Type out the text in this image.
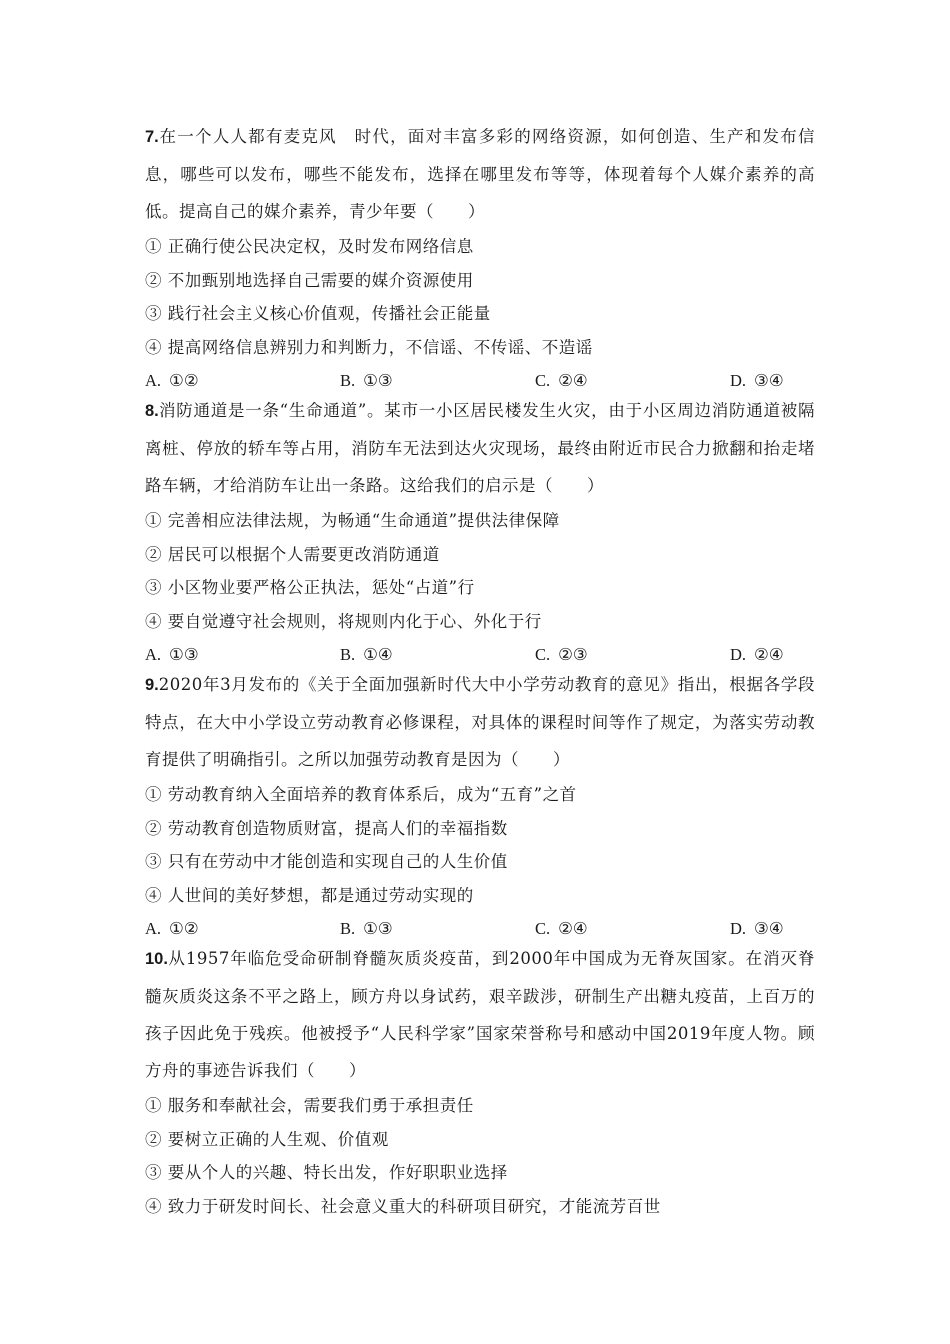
7.在一个人人都有麦克风　时代，面对丰富多彩的网络资源，如何创造、生产和发布信息，哪些可以发布，哪些不能发布，选择在哪里发布等等，体现着每个人媒介素养的高低。提高自己的媒介素养，青少年要（　　）

① 正确行使公民决定权，及时发布网络信息

② 不加甄别地选择自己需要的媒介资源使用

③ 践行社会主义核心价值观，传播社会正能量

④ 提高网络信息辨别力和判断力，不信谣、不传谣、不造谣

A. ①②	B. ①③	C. ②④	D. ③④

8.消防通道是一条“生命通道”。某市一小区居民楼发生火灾，由于小区周边消防通道被隔离桩、停放的轿车等占用，消防车无法到达火灾现场，最终由附近市民合力掀翻和抬走堵路车辆，才给消防车让出一条路。这给我们的启示是（　　）

① 完善相应法律法规，为畅通“生命通道”提供法律保障

② 居民可以根据个人需要更改消防通道

③ 小区物业要严格公正执法，惩处“占道”行

④ 要自觉遵守社会规则，将规则内化于心、外化于行

A. ①③	B. ①④	C. ②③	D. ②④

9.2020年3月发布的《关于全面加强新时代大中小学劳动教育的意见》指出，根据各学段特点，在大中小学设立劳动教育必修课程，对具体的课程时间等作了规定，为落实劳动教育提供了明确指引。之所以加强劳动教育是因为（　　）

① 劳动教育纳入全面培养的教育体系后，成为“五育”之首

② 劳动教育创造物质财富，提高人们的幸福指数

③ 只有在劳动中才能创造和实现自己的人生价值

④ 人世间的美好梦想，都是通过劳动实现的

A. ①②	B. ①③	C. ②④	D. ③④

10.从1957年临危受命研制脊髓灰质炎疫苗，到2000年中国成为无脊灰国家。在消灭脊髓灰质炎这条不平之路上，顾方舟以身试药，艰辛跋涉，研制生产出糖丸疫苗，上百万的孩子因此免于残疾。他被授予“人民科学家”国家荣誉称号和感动中国2019年度人物。顾方舟的事迹告诉我们（　　）

① 服务和奉献社会，需要我们勇于承担责任

② 要树立正确的人生观、价值观

③ 要从个人的兴趣、特长出发，作好职职业选择

④ 致力于研发时间长、社会意义重大的科研项目研究，才能流芳百世
